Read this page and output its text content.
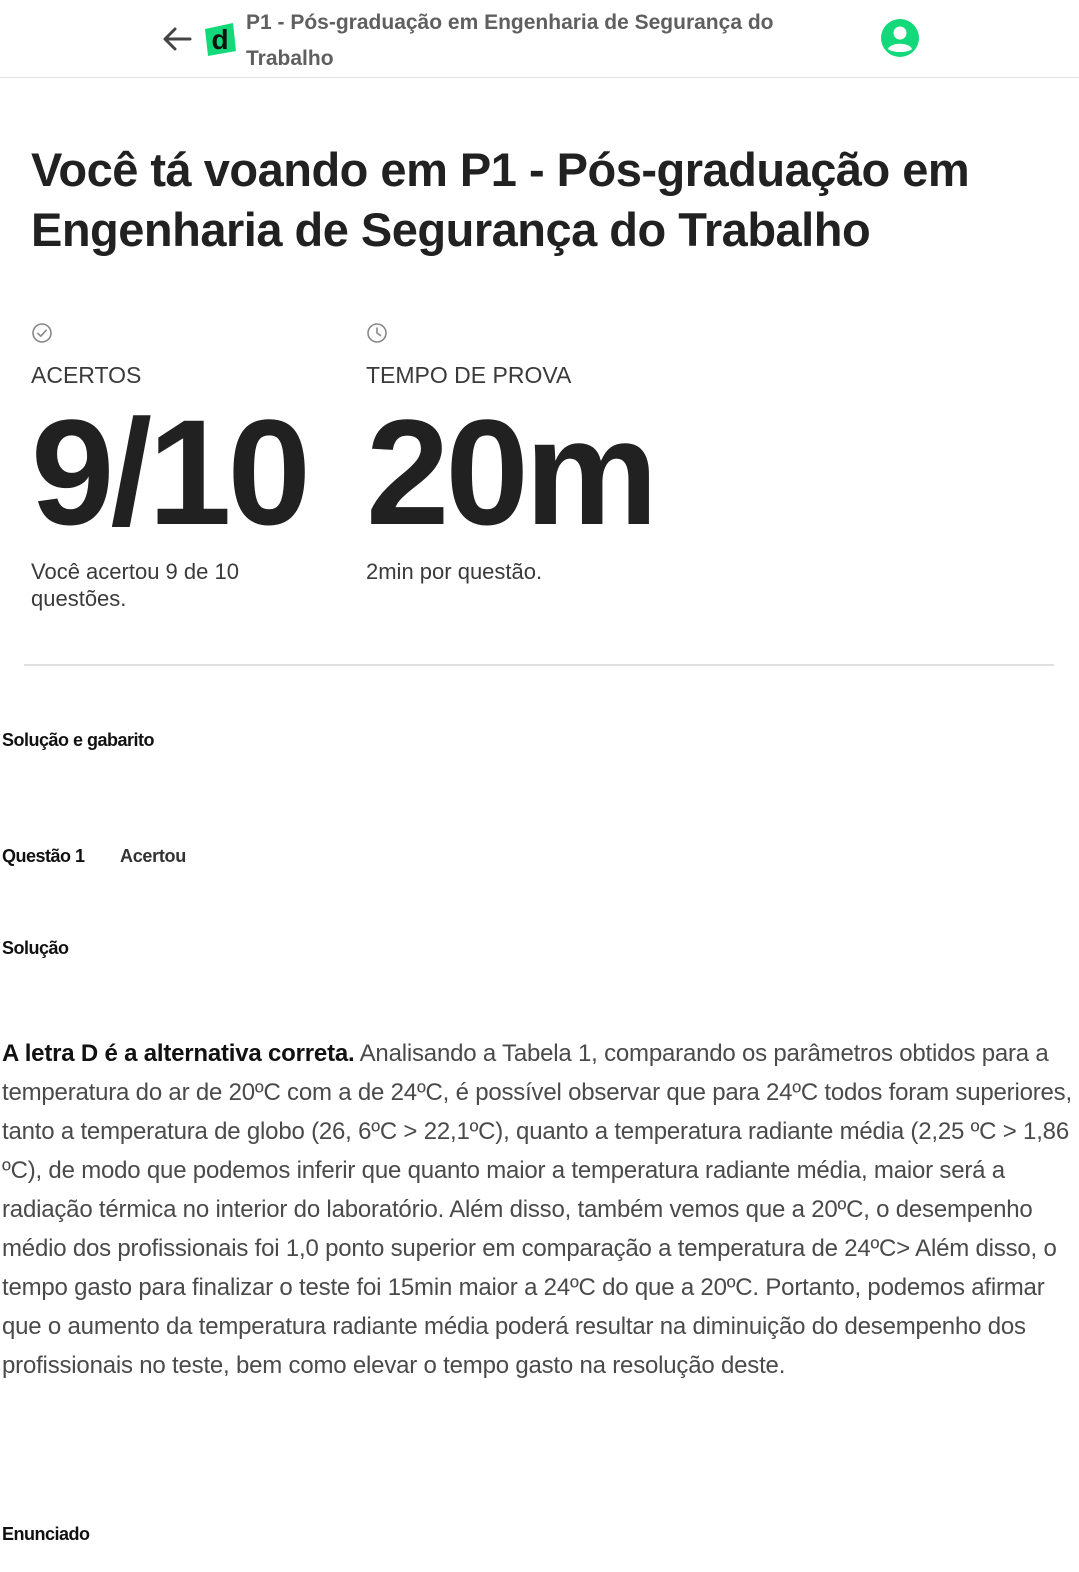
d
P1 - Pós-graduação em Engenharia de Segurança do Trabalho
Você tá voando em P1 - Pós-graduação em Engenharia de Segurança do Trabalho
ACERTOS
9/10
Você acertou 9 de 10 questões.
TEMPO DE PROVA
20m
2min por questão.
Solução e gabarito
Questão 1 Acertou
Solução

A letra D é a alternativa correta. Analisando a Tabela 1, comparando os parâmetros obtidos para a temperatura do ar de 20ºC com a de 24ºC, é possível observar que para 24ºC todos foram superiores, tanto a temperatura de globo (26, 6ºC > 22,1ºC), quanto a temperatura radiante média (2,25 ºC > 1,86 ºC), de modo que podemos inferir que quanto maior a temperatura radiante média, maior será a radiação térmica no interior do laboratório. Além disso, também vemos que a 20ºC, o desempenho médio dos profissionais foi 1,0 ponto superior em comparação a temperatura de 24ºC> Além disso, o tempo gasto para finalizar o teste foi 15min maior a 24ºC do que a 20ºC. Portanto, podemos afirmar que o aumento da temperatura radiante média poderá resultar na diminuição do desempenho dos profissionais no teste, bem como elevar o tempo gasto na resolução deste.

Enunciado
